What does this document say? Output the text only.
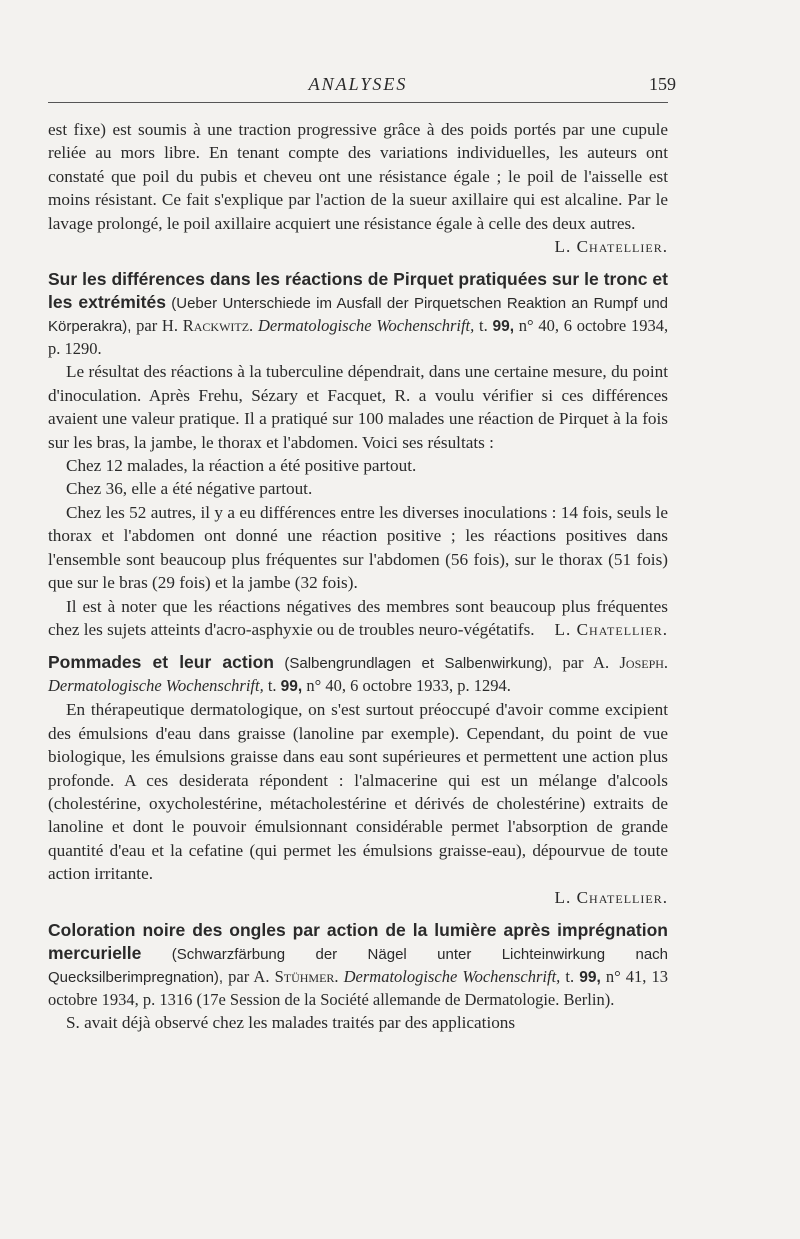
ANALYSES	159

est fixe) est soumis à une traction progressive grâce à des poids portés par une cupule reliée au mors libre. En tenant compte des variations individuelles, les auteurs ont constaté que poil du pubis et cheveu ont une résistance égale ; le poil de l'aisselle est moins résistant. Ce fait s'explique par l'action de la sueur axillaire qui est alcaline. Par le lavage prolongé, le poil axillaire acquiert une résistance égale à celle des deux autres.
L. Chatellier.

Sur les différences dans les réactions de Pirquet pratiquées sur le tronc et les extrémités (Ueber Unterschiede im Ausfall der Pirquetschen Reaktion an Rumpf und Körperakra), par H. Rackwitz. Dermatologische Wochenschrift, t. 99, n° 40, 6 octobre 1934, p. 1290.

Le résultat des réactions à la tuberculine dépendrait, dans une certaine mesure, du point d'inoculation. Après Frehu, Sézary et Facquet, R. a voulu vérifier si ces différences avaient une valeur pratique. Il a pratiqué sur 100 malades une réaction de Pirquet à la fois sur les bras, la jambe, le thorax et l'abdomen. Voici ses résultats :

Chez 12 malades, la réaction a été positive partout.

Chez 36, elle a été négative partout.

Chez les 52 autres, il y a eu différences entre les diverses inoculations : 14 fois, seuls le thorax et l'abdomen ont donné une réaction positive ; les réactions positives dans l'ensemble sont beaucoup plus fréquentes sur l'abdomen (56 fois), sur le thorax (51 fois) que sur le bras (29 fois) et la jambe (32 fois).

Il est à noter que les réactions négatives des membres sont beaucoup plus fréquentes chez les sujets atteints d'acro-asphyxie ou de troubles neuro-végétatifs.	L. Chatellier.

Pommades et leur action (Salbengrundlagen et Salbenwirkung), par A. Joseph. Dermatologische Wochenschrift, t. 99, n° 40, 6 octobre 1933, p. 1294.

En thérapeutique dermatologique, on s'est surtout préoccupé d'avoir comme excipient des émulsions d'eau dans graisse (lanoline par exemple). Cependant, du point de vue biologique, les émulsions graisse dans eau sont supérieures et permettent une action plus profonde. A ces desiderata répondent : l'almacerine qui est un mélange d'alcools (cholestérine, oxycholestérine, métacholestérine et dérivés de cholestérine) extraits de lanoline et dont le pouvoir émulsionnant considérable permet l'absorption de grande quantité d'eau et la cefatine (qui permet les émulsions graisse-eau), dépourvue de toute action irritante.

L. Chatellier.

Coloration noire des ongles par action de la lumière après imprégnation mercurielle (Schwarzfärbung der Nägel unter Lichteinwirkung nach Quecksilberimpregnation), par A. Stühmer. Dermatologische Wochenschrift, t. 99, n° 41, 13 octobre 1934, p. 1316 (17e Session de la Société allemande de Dermatologie. Berlin).

S. avait déjà observé chez les malades traités par des applications
